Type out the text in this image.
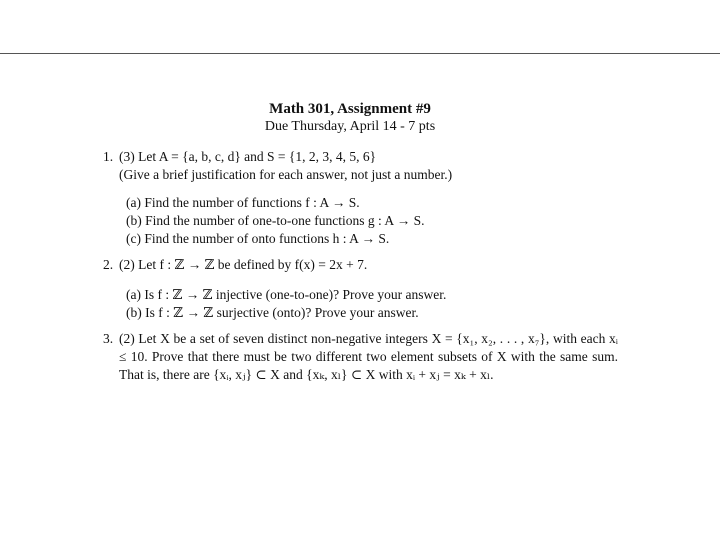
Math 301, Assignment #9
Due Thursday, April 14 - 7 pts
1. (3) Let A = {a, b, c, d} and S = {1, 2, 3, 4, 5, 6}
(Give a brief justification for each answer, not just a number.)
(a) Find the number of functions f : A → S.
(b) Find the number of one-to-one functions g : A → S.
(c) Find the number of onto functions h : A → S.
2. (2) Let f : ℤ → ℤ be defined by f(x) = 2x + 7.
(a) Is f : ℤ → ℤ injective (one-to-one)? Prove your answer.
(b) Is f : ℤ → ℤ surjective (onto)? Prove your answer.
3. (2) Let X be a set of seven distinct non-negative integers X = {x₁, x₂, . . . , x₇}, with each xᵢ ≤ 10. Prove that there must be two different two element subsets of X with the same sum. That is, there are {xᵢ, xⱼ} ⊂ X and {xₖ, xₗ} ⊂ X with xᵢ + xⱼ = xₖ + xₗ.
